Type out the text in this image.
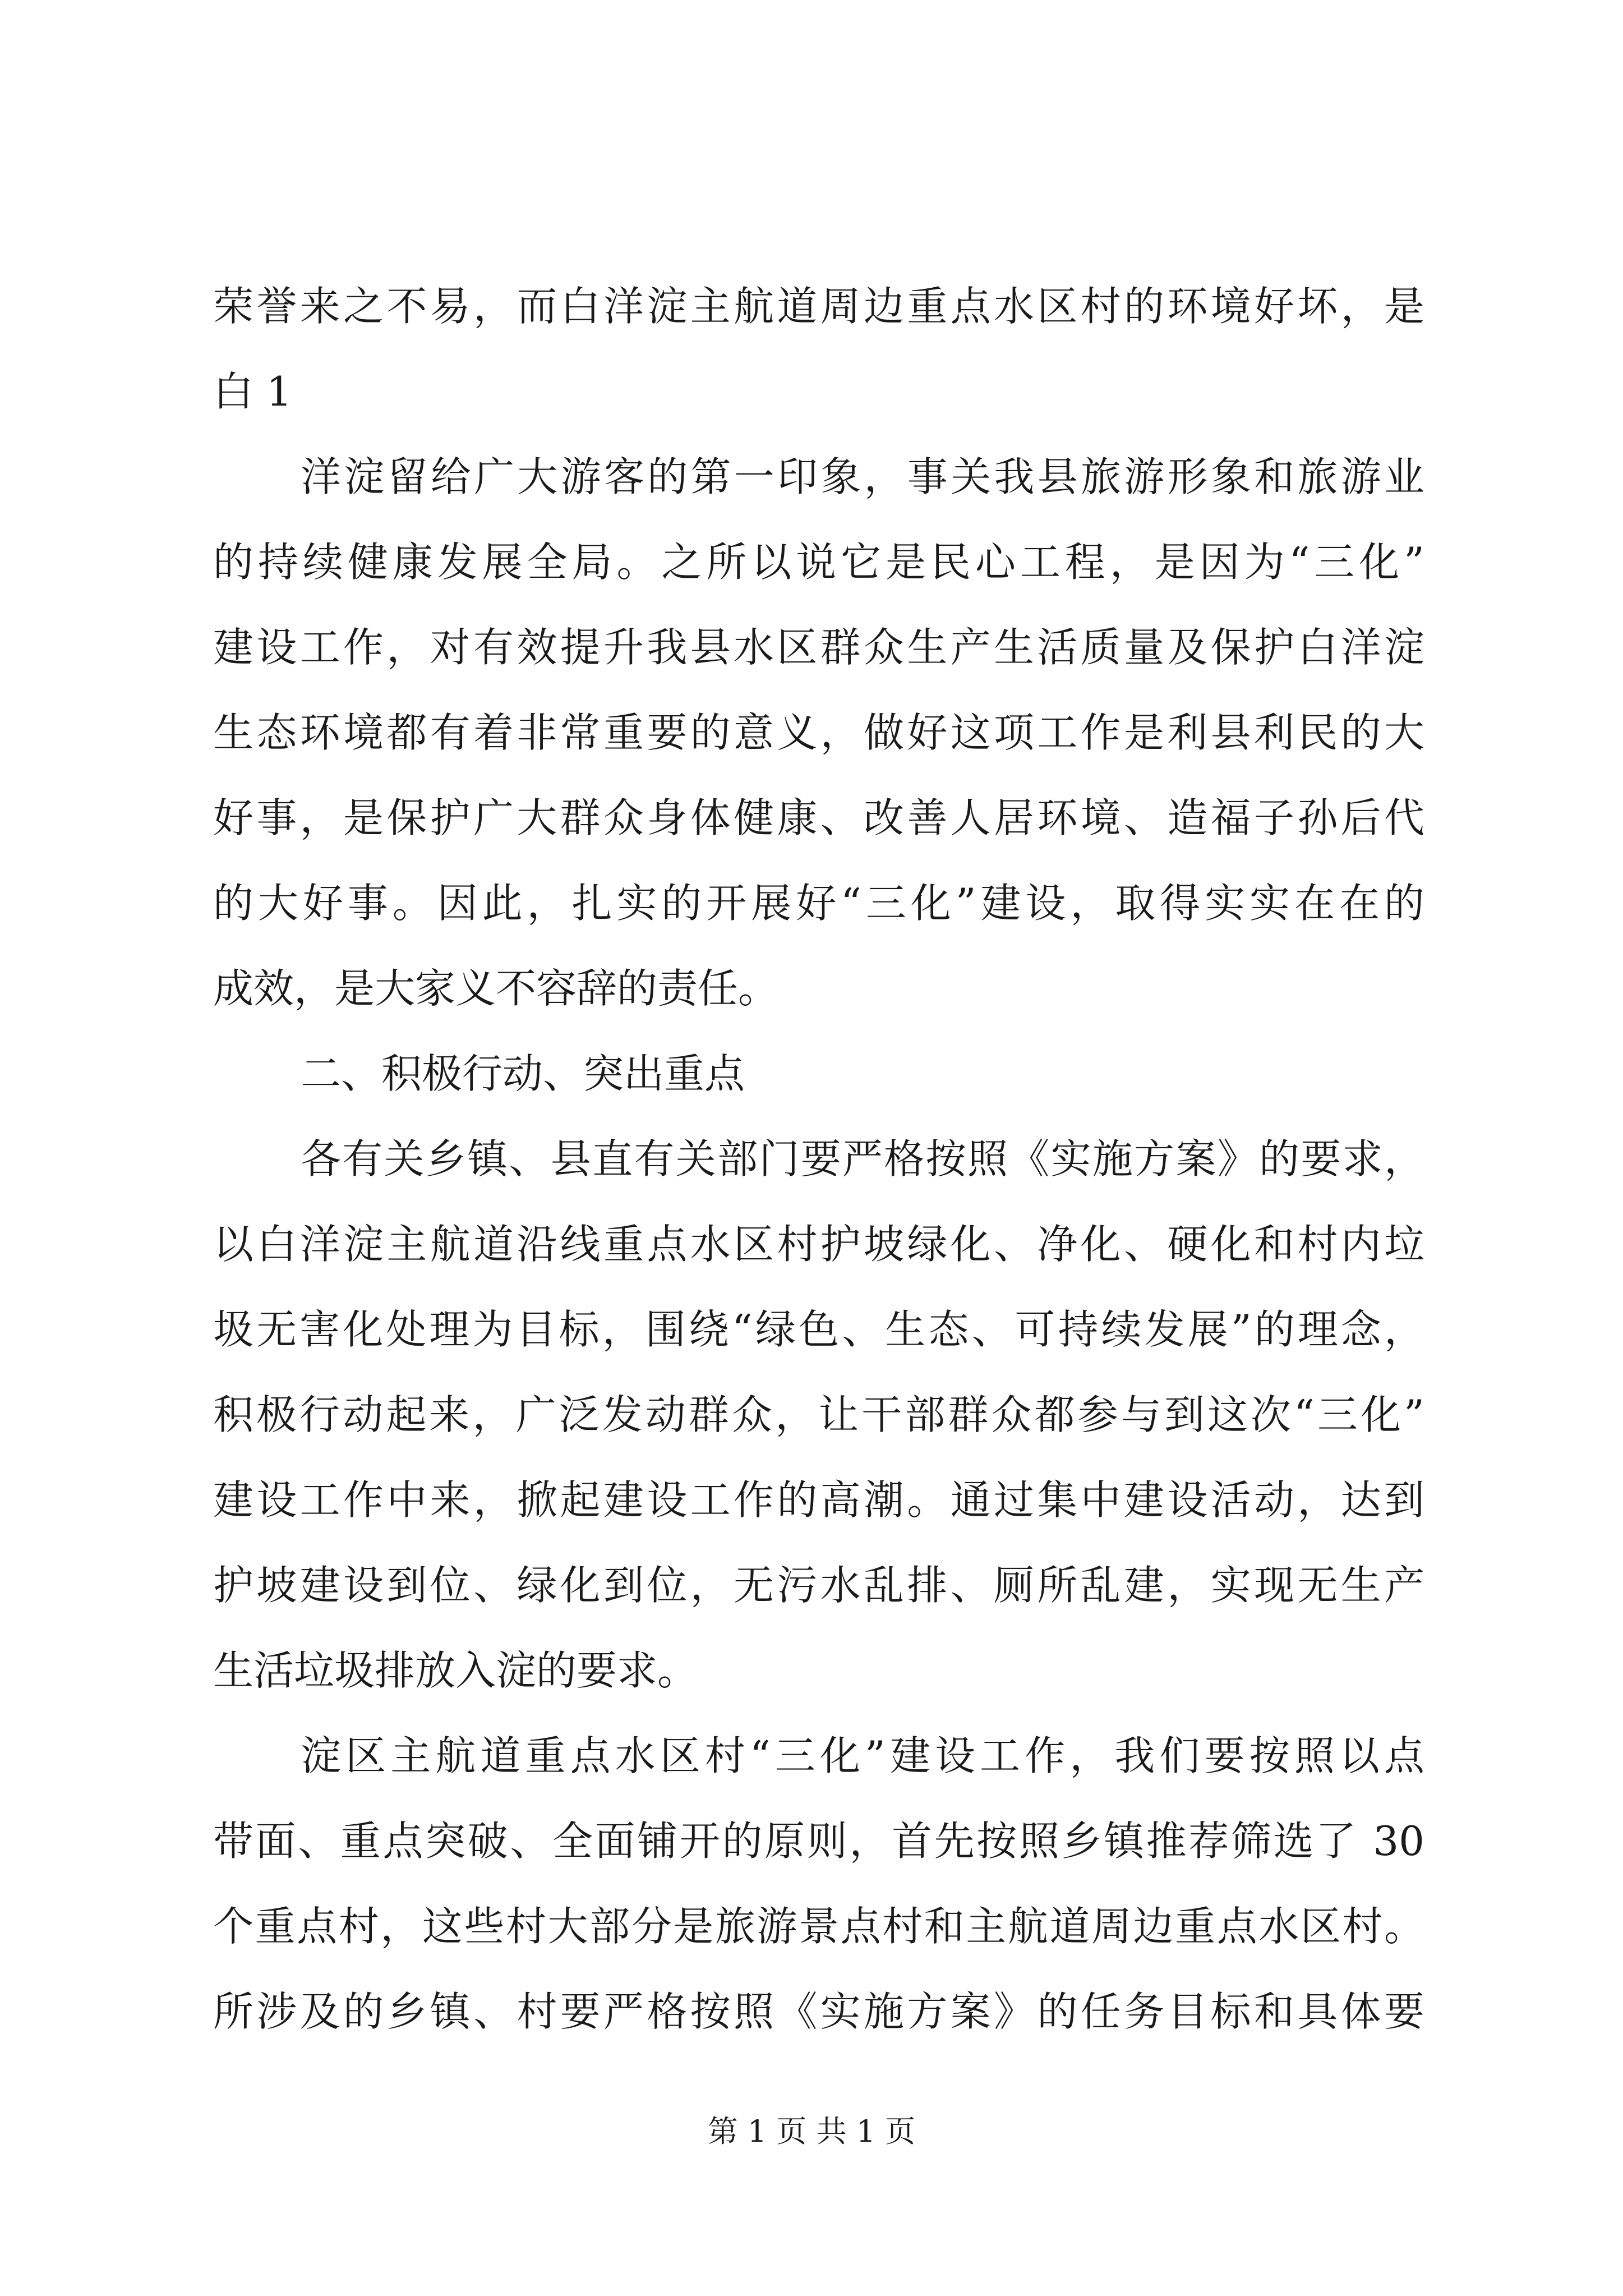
荣誉来之不易，而白洋淀主航道周边重点水区村的环境好坏，是
白 1
洋淀留给广大游客的第一印象，事关我县旅游形象和旅游业
的持续健康发展全局。之所以说它是民心工程，是因为“三化”
建设工作，对有效提升我县水区群众生产生活质量及保护白洋淀
生态环境都有着非常重要的意义，做好这项工作是利县利民的大
好事，是保护广大群众身体健康、改善人居环境、造福子孙后代
的大好事。因此，扎实的开展好“三化”建设，取得实实在在的
成效，是大家义不容辞的责任。
二、积极行动、突出重点
各有关乡镇、县直有关部门要严格按照《实施方案》的要求，
以白洋淀主航道沿线重点水区村护坡绿化、净化、硬化和村内垃
圾无害化处理为目标，围绕“绿色、生态、可持续发展”的理念，
积极行动起来，广泛发动群众，让干部群众都参与到这次“三化”
建设工作中来，掀起建设工作的高潮。通过集中建设活动，达到
护坡建设到位、绿化到位，无污水乱排、厕所乱建，实现无生产
生活垃圾排放入淀的要求。
淀区主航道重点水区村“三化”建设工作，我们要按照以点
带面、重点突破、全面铺开的原则，首先按照乡镇推荐筛选了 30
个重点村，这些村大部分是旅游景点村和主航道周边重点水区村。
所涉及的乡镇、村要严格按照《实施方案》的任务目标和具体要
第 1 页 共 1 页
